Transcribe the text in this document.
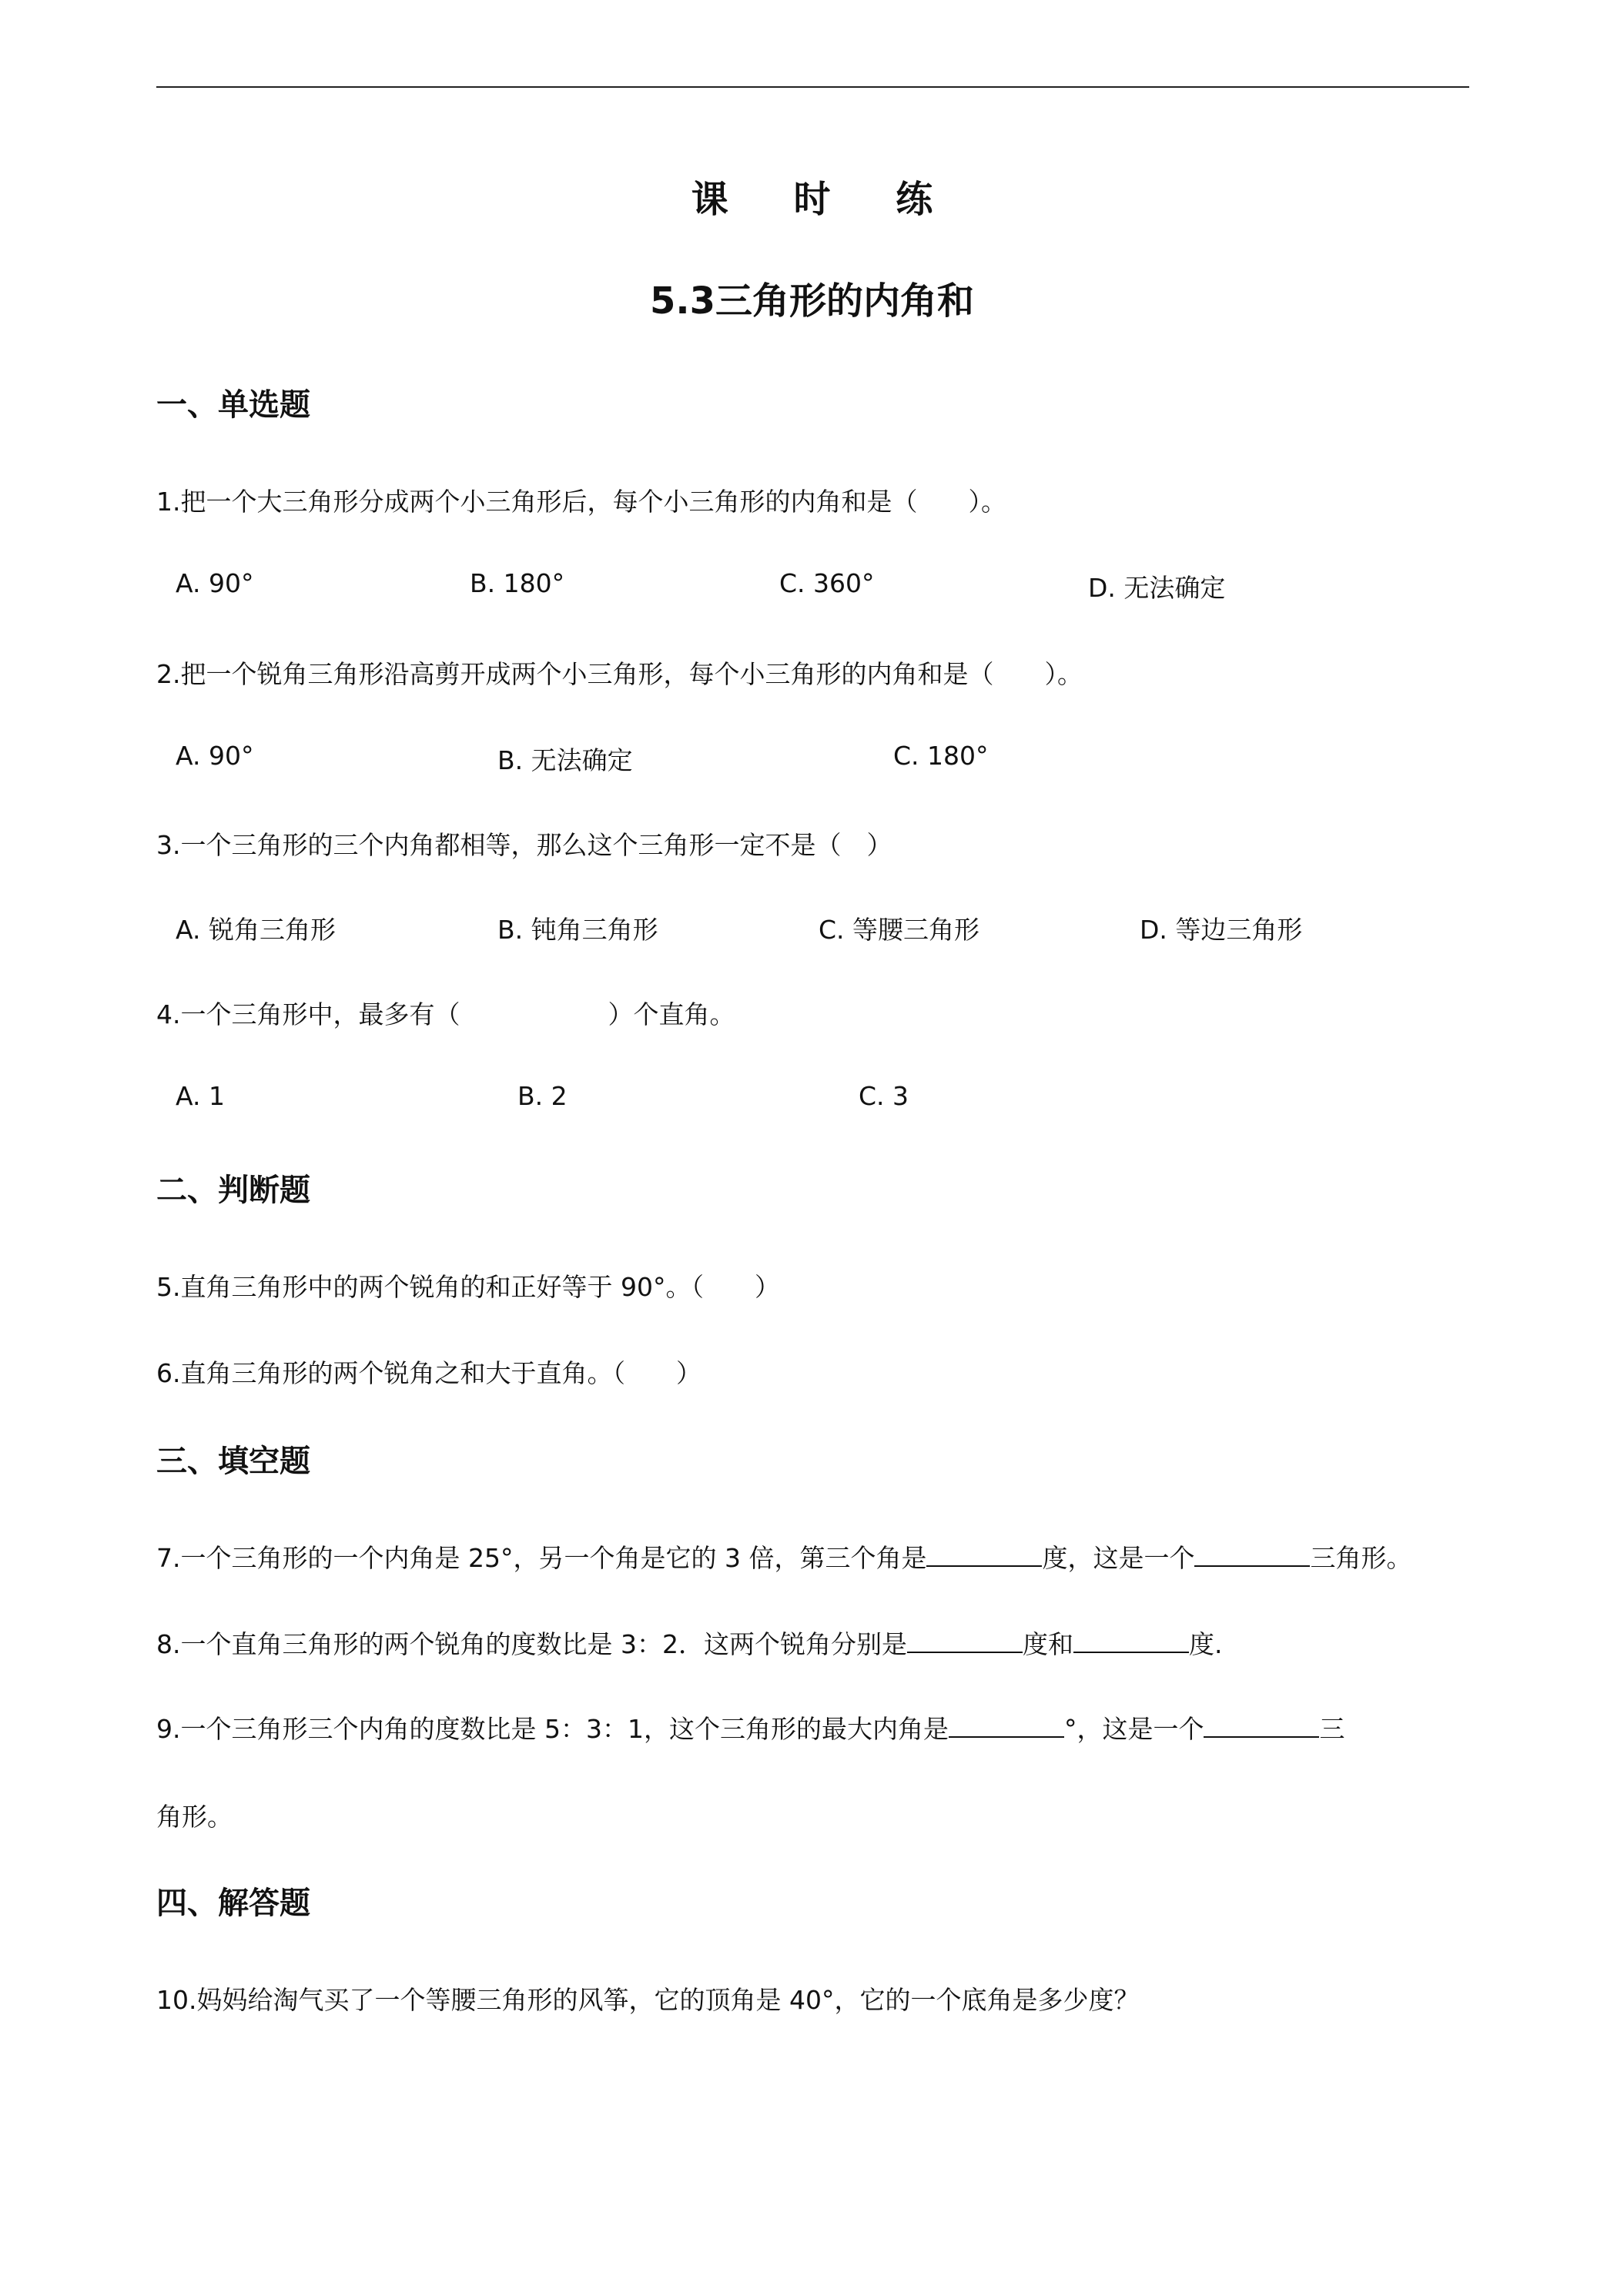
课 时 练
5.3三角形的内角和
一、单选题
1.把一个大三角形分成两个小三角形后，每个小三角形的内角和是（　　）。
A. 90°	B. 180°	C. 360°	D. 无法确定
2.把一个锐角三角形沿高剪开成两个小三角形，每个小三角形的内角和是（　　）。
A. 90°	B. 无法确定	C. 180°
3.一个三角形的三个内角都相等，那么这个三角形一定不是（　）
A. 锐角三角形	B. 钝角三角形	C. 等腰三角形	D. 等边三角形
4.一个三角形中，最多有（	）个直角。
A. 1	B. 2	C. 3
二、判断题
5.直角三角形中的两个锐角的和正好等于 90°。（　　）
6.直角三角形的两个锐角之和大于直角。（　　）
三、填空题
7.一个三角形的一个内角是 25°，另一个角是它的 3 倍，第三个角是	度，这是一个	三角形。
8.一个直角三角形的两个锐角的度数比是 3：2．这两个锐角分别是	度和	度.
9.一个三角形三个内角的度数比是 5：3：1，这个三角形的最大内角是	°，这是一个	三
角形。
四、解答题
10.妈妈给淘气买了一个等腰三角形的风筝，它的顶角是 40°，它的一个底角是多少度？
